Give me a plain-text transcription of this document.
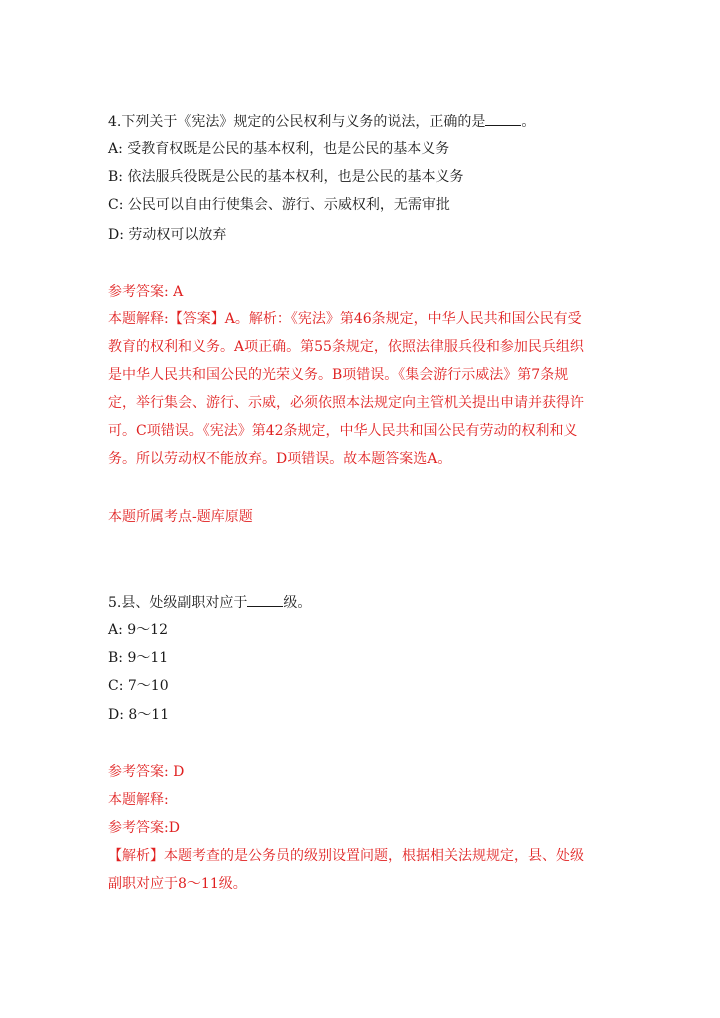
4.下列关于《宪法》规定的公民权利与义务的说法，正确的是	。
A: 受教育权既是公民的基本权利，也是公民的基本义务
B: 依法服兵役既是公民的基本权利，也是公民的基本义务
C: 公民可以自由行使集会、游行、示威权利，无需审批
D: 劳动权可以放弃
参考答案: A
本题解释:【答案】A。解析：《宪法》第46条规定，中华人民共和国公民有受
教育的权利和义务。A项正确。第55条规定，依照法律服兵役和参加民兵组织
是中华人民共和国公民的光荣义务。B项错误。《集会游行示威法》第7条规
定，举行集会、游行、示威，必须依照本法规定向主管机关提出申请并获得许
可。C项错误。《宪法》第42条规定，中华人民共和国公民有劳动的权利和义
务。所以劳动权不能放弃。D项错误。故本题答案选A。
本题所属考点-题库原题
5.县、处级副职对应于	级。
A: 9～12
B: 9～11
C: 7～10
D: 8～11
参考答案: D
本题解释:
参考答案:D
【解析】本题考查的是公务员的级别设置问题，根据相关法规规定，县、处级
副职对应于8～11级。
